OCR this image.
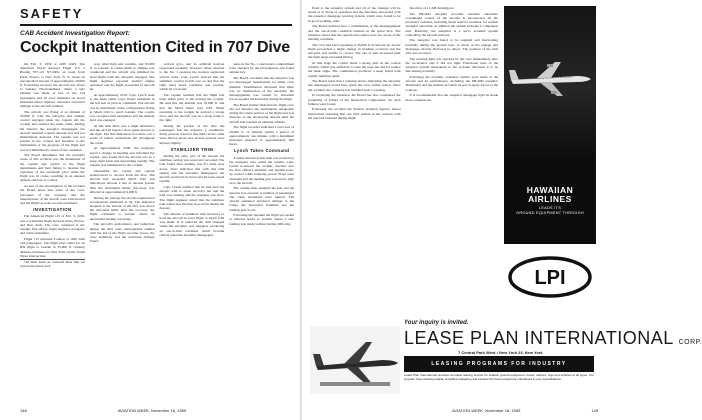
SAFETY
CAB Accident Investigation Report:
Cockpit Inattention Cited in 707 Dive

On Feb. 3, 1959 at 2205 GMT, Pan American World Airways Flight 115, a Boeing 707-121 N712PA, en route from Paris, France, to New York, N. Y., made an uncontrolled descent of approximately 29,000 ft. Following recovery the aircraft was flown to Gander, Newfoundland, where a safe landing was made. A few of the 119 passengers and 10 crew members on board sustained minor injuries; extensive structural damage to the aircraft resulted.

The aircraft was flying at an altitude of 35,000 ft. with the autopilot and altitude control engaged when the captain left the cockpit and entered the main cabin. During his absence the autopilot disengaged, the aircraft assumed a spiral descent and was not immediately detected. The captain was not present in the cockpit and attention to the instruments or the progress of the flight and was not immediately aware of the condition.

The Board determines that the probable cause of this accident was the inattention of the captain and copilot to the flight instruments and their failure to monitor the operation of the automatic pilot while the flight was in cruise, resulting in an unusual attitude and loss of control.

As part of the investigation of the accident the Board notes that some of the crew, personnel of the company and the manufacturer of the aircraft were interviewed and the flight recorder records examined.

INVESTIGATION

Pan American Flight 115 of Feb. 3, 1959, was a scheduled flight between Paris, France, and New York. The crew consisted of the captain, first officer, flight engineer, navigator and cabin attendants.

Flight 115 departed London at 1945 with 119 passengers. The flight plan called for an IFR flight to Gander at 35,000 ft. cruising altitude and thence to New York via the South Shore intersection.

*All Times herein are Greenwich Mean Time and based on the 24-hour clock.

way, wind light and variable, and 35,000 ft. to Gander. A cruise-climb to altitude was conducted and the aircraft was trimmed for level flight with the autopilot engaged. The flight engineer reported normal engine operation and the flight proceeded in smooth air.

At approximately 2150, Capt. Lynch went to the main cabin. Capt. Peters remained in the left seat as pilot in command. The aircraft was in instrument cruise configuration flying at Mach 0.82 to reach Gander. The copilot was occupied with navigation and the altitude hold was engaged.

At this time there was a slight turbulence and the aircraft began a slow spiral descent to the right. The first indication of trouble was a series of lateral oscillations felt throughout the cabin.

At approximately 2200, the navigator noted a change in heading and informed the copilot, who found that the aircraft was in a steep right bank and descending rapidly. The captain was summoned to the cockpit.

Meanwhile the copilot and captain endeavoured to recover from the dive. The aircraft had exceeded Mach 0.95 and indications showed a rate of descent greater than the instrument limits. Recovery was effected at approximately 6,000 ft.

During the pull-up the aircraft experienced accelerations estimated at 5g. The indicated airspeed at the bottom of the dive was above the structural limit; after the recovery, the flight continued to Gander where an uneventful landing was made.

The aircraft's performance and behaviour during the dive were subsequently studied with the aid of the flight recorder traces, the crew testimony and the structural damage found.

vertical gyro, and its artificial horizon responded normally; however, when returned to the No. 1 position his horizon registered several turns. Capt. Lynch noticed that the stabilizer control switch was on and that the right wing down condition was present, which he corrected.

The captain testified that the flight had been stable prior to his leaving the cockpit. He said that the altitude was 35,000 ft. and that the Mach meter read 0.82. When returning to the cockpit he noticed a strong force and the aircraft was in a steep bank to the right.

During the portion of the dive the passengers felt the negative g conditions; many persons reported that items in the cabin were thrown about and several persons were injured slightly.

STABILIZER TRIM

During the early part of the descent the stabilizer setting was noted and recorded. The trim found after landing was 6½ units nose down. Tests indicated that with this trim setting and the autopilot disengaged, the aircraft would pitch down and increase speed rapidly.

Capt. Lynch testified that he had used the electric trim to assist recovery but that the trim was running and the response was slow. The flight engineer stated that the stabilizer trim wheel was moving nose-down during the descent.

The amount of stabilizer trim necessary to hold the aircraft in level flight at Mach 0.82 was small. It is believed the trim changed while the autopilot was engaged, producing an out-of-trim condition which became critical when the autopilot disengaged.

sures in the No. 1 electronics compartment were checked by the investigators and found satisfactory.

The Board concludes that the autopilot was not disengaged intentionally by either crew member. Examination disclosed that there was no malfunction of the autopilot; the disengagement was caused by abnormal forces applied inadvertently during the flight.

The Board further finds that the flight crew did not monitor the instruments adequately during the cruise portion of the flight and was unaware of the developing descent until the aircraft had reached an extreme attitude.

The flight recorder indicated a total loss of 29,000 ft. of altitude within a period of approximately one minute, with a maximum indicated airspeed of approximately 400 knots.

Lynch Takes Command

A spiral descent at this time was noticed by the navigator who called the captain. Capt. Lynch re-entered the cockpit, reached over the first officer's shoulder and applied nose-up control while reducing power. Flaps were extended and the landing gear lowered to help slow the aircraft.

The captain then assumed his seat and the descent was arrested. A number of passengers and cabin attendants were injured. The aircraft sustained structural damage to the wings, the horizontal stabilizer and the landing gear doors.

Following the incident the flight proceeded at reduced speed to Gander where a safe landing was made without further difficulty.

148	AVIATION WEEK, November 16, 1959

fixed to the autopilot system and all of the changes will be tested as to mode of operation and the functions associated with the autopilot disengage warning system, which were found to be in good working order.

The Board believes that a combination of the disengagement and the out-of-trim condition resulted in the spiral dive. The evidence shows that the captain and copilot were not aware of the existing condition.

The crew had been operating at 35,000 ft. in smooth air. As the flight proceeded a slight change in heading occurred and the autopilot was unable to correct. The rate of turn increased until the bank angle exceeded 60 deg.

At this stage the copilot made a strong pull on the control column, which was sufficient to raise the nose but did not reduce the bank angle. The combination produced a steep spiral with rapidly building speed.

The Board notes that a warning device indicating the autopilot has disengaged would have given the crew earlier notice. Since the accident, the company has installed such a warning.

In reviewing the evidence, the Board has also considered the possibility of failure of the mechanical components. No such failures were found.

Following the accident the Federal Aviation Agency issued instructions requiring that one pilot remain at the controls with his seat belt fastened during flight.

direction of a CAB investigator.

The PB-20D autopilot provides sensitive automatic coordinated control of the aircraft. It incorporates all the necessary switches, including mode selector switches, for normal autopilot operation; in addition the system includes a companion unit. Basically, the autopilot is a servo actuated system controlling the aircraft surfaces.

The autopilot was found to be engaged and functioning normally during the ground tests. A check of the engage and disengage circuits disclosed no defect. The position of the trim tabs was recorded.

The warning light was checked by the crew immediately after the occurrence and it did not light. Functional tests of the autopilot system subsequent to the accident disclosed it to be functioning normally.

Following the accident, extensive studies were made of the aircraft and its performance, including the PB-20D autopilot installation and the manner in which its servos apply forces to the controls.

It is recommended that the autopilot disengage light be made more conspicuous.

HAWAIIAN
AIRLINES
LEADS ITS
GROUND EQUIPMENT THROUGH
LPI
Your inquiry is invited.
LEASE PLAN INTERNATIONAL CORP.
7 Central Park West • New York 23, New York
LEASING PROGRAMS FOR INDUSTRY
Lease Plan International provides complete leasing service for aviation ground equipment, trucks, tractors, tugs and vehicles of all types. Our program frees working capital, simplifies budgeting and assures the finest equipment maintained to your specifications.
AVIATION WEEK, November 16, 1959	149
